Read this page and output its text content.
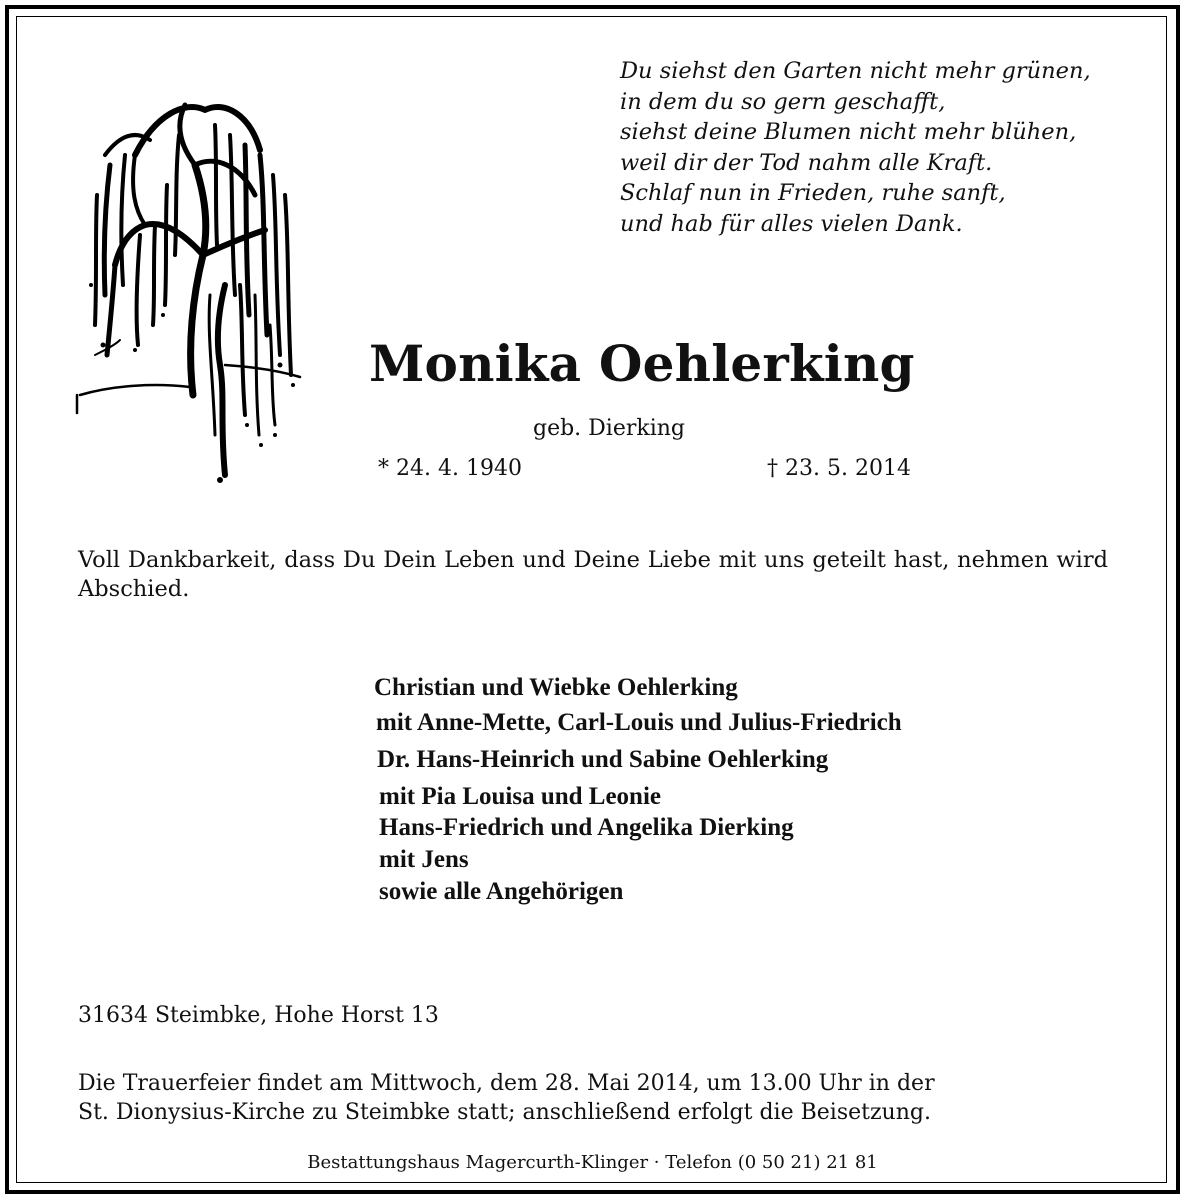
Du siehst den Garten nicht mehr grünen,
in dem du so gern geschafft,
siehst deine Blumen nicht mehr blühen,
weil dir der Tod nahm alle Kraft.
Schlaf nun in Frieden, ruhe sanft,
und hab für alles vielen Dank.
Monika Oehlerking
geb. Dierking
* 24. 4. 1940	† 23. 5. 2014
Voll Dankbarkeit, dass Du Dein Leben und Deine Liebe mit uns geteilt hast, nehmen wird Abschied.
Christian und Wiebke Oehlerking
mit Anne-Mette, Carl-Louis und Julius-Friedrich
Dr. Hans-Heinrich und Sabine Oehlerking
mit Pia Louisa und Leonie
Hans-Friedrich und Angelika Dierking
mit Jens
sowie alle Angehörigen
31634 Steimbke, Hohe Horst 13
Die Trauerfeier findet am Mittwoch, dem 28. Mai 2014, um 13.00 Uhr in der
St. Dionysius-Kirche zu Steimbke statt; anschließend erfolgt die Beisetzung.
Bestattungshaus Magercurth-Klinger · Telefon (0 50 21) 21 81
